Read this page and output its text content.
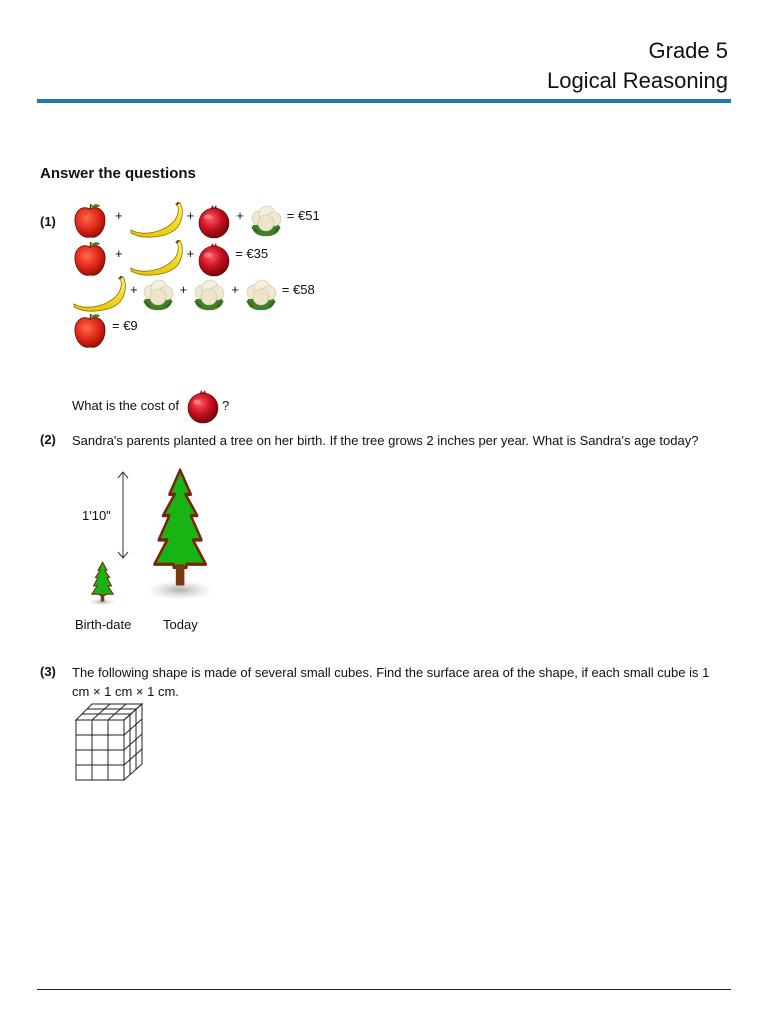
Grade 5
Logical Reasoning
Answer the questions
(1)	+	+	+	= €51
+	+	= €35
+	+	+	= €58
= €9
What is the cost of	?
(2) Sandra's parents planted a tree on her birth. If the tree grows 2 inches per year. What is Sandra's age today?
1'10"
Birth-date Today
(3) The following shape is made of several small cubes. Find the surface area of the shape, if each small cube is 1 cm × 1 cm × 1 cm.
